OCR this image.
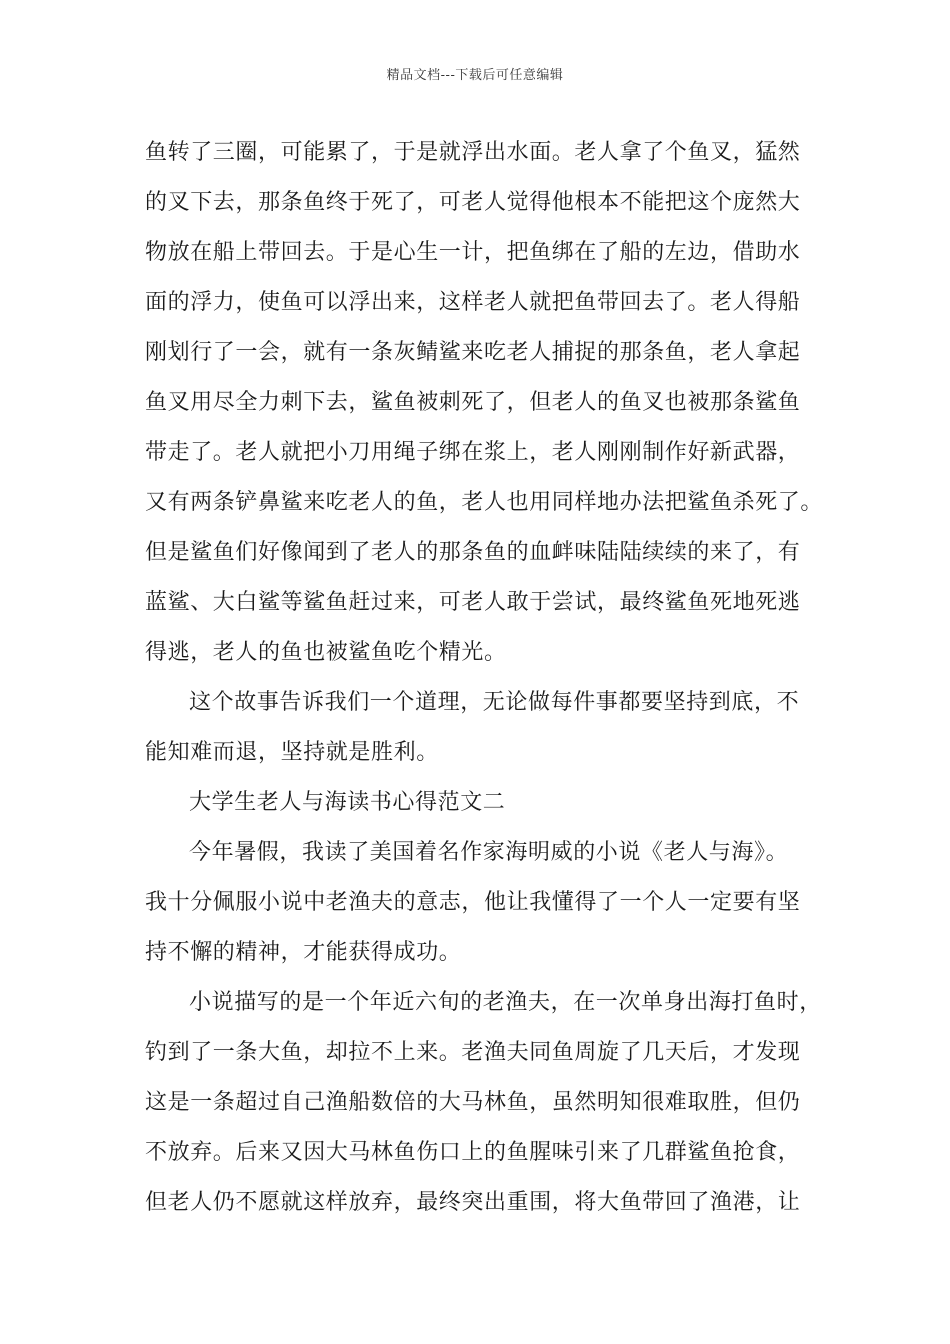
精品文档---下载后可任意编辑
鱼转了三圈，可能累了，于是就浮出水面。老人拿了个鱼叉，猛然
的叉下去，那条鱼终于死了，可老人觉得他根本不能把这个庞然大
物放在船上带回去。于是心生一计，把鱼绑在了船的左边，借助水
面的浮力，使鱼可以浮出来，这样老人就把鱼带回去了。老人得船
刚划行了一会，就有一条灰鲭鲨来吃老人捕捉的那条鱼，老人拿起
鱼叉用尽全力刺下去，鲨鱼被刺死了，但老人的鱼叉也被那条鲨鱼
带走了。老人就把小刀用绳子绑在浆上，老人刚刚制作好新武器，
又有两条铲鼻鲨来吃老人的鱼，老人也用同样地办法把鲨鱼杀死了。
但是鲨鱼们好像闻到了老人的那条鱼的血衅味陆陆续续的来了，有
蓝鲨、大白鲨等鲨鱼赶过来，可老人敢于尝试，最终鲨鱼死地死逃
得逃，老人的鱼也被鲨鱼吃个精光。
这个故事告诉我们一个道理，无论做每件事都要坚持到底，不
能知难而退，坚持就是胜利。
大学生老人与海读书心得范文二
今年暑假，我读了美国着名作家海明威的小说《老人与海》。
我十分佩服小说中老渔夫的意志，他让我懂得了一个人一定要有坚
持不懈的精神，才能获得成功。
小说描写的是一个年近六旬的老渔夫，在一次单身出海打鱼时，
钓到了一条大鱼，却拉不上来。老渔夫同鱼周旋了几天后，才发现
这是一条超过自己渔船数倍的大马林鱼，虽然明知很难取胜，但仍
不放弃。后来又因大马林鱼伤口上的鱼腥味引来了几群鲨鱼抢食，
但老人仍不愿就这样放弃，最终突出重围，将大鱼带回了渔港，让
